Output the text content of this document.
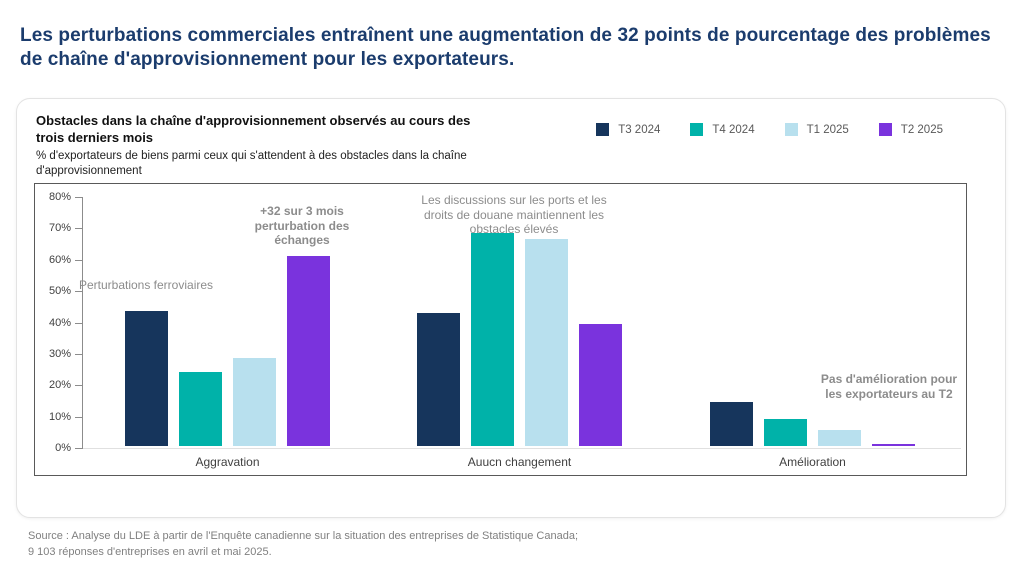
Les perturbations commerciales entraînent une augmentation de 32 points de pourcentage des problèmes de chaîne d'approvisionnement pour les exportateurs.
Obstacles dans la chaîne d'approvisionnement observés au cours des trois derniers mois
T3 2024	T4 2024	T1 2025	T2 2025
% d'exportateurs de biens parmi ceux qui s'attendent à des obstacles dans la chaîne d'approvisionnement
0%
10%
20%
30%
40%
50%
60%
70%
80%
Aggravation	Auucn changement	Amélioration
Perturbations ferroviaires
+32 sur 3 mois perturbation des échanges
Les discussions sur les ports et les droits de douane maintiennent les obstacles élevés
Pas d'amélioration pour les exportateurs au T2
Source : Analyse du LDE à partir de l'Enquête canadienne sur la situation des entreprises de Statistique Canada;
9 103 réponses d'entreprises en avril et mai 2025.
